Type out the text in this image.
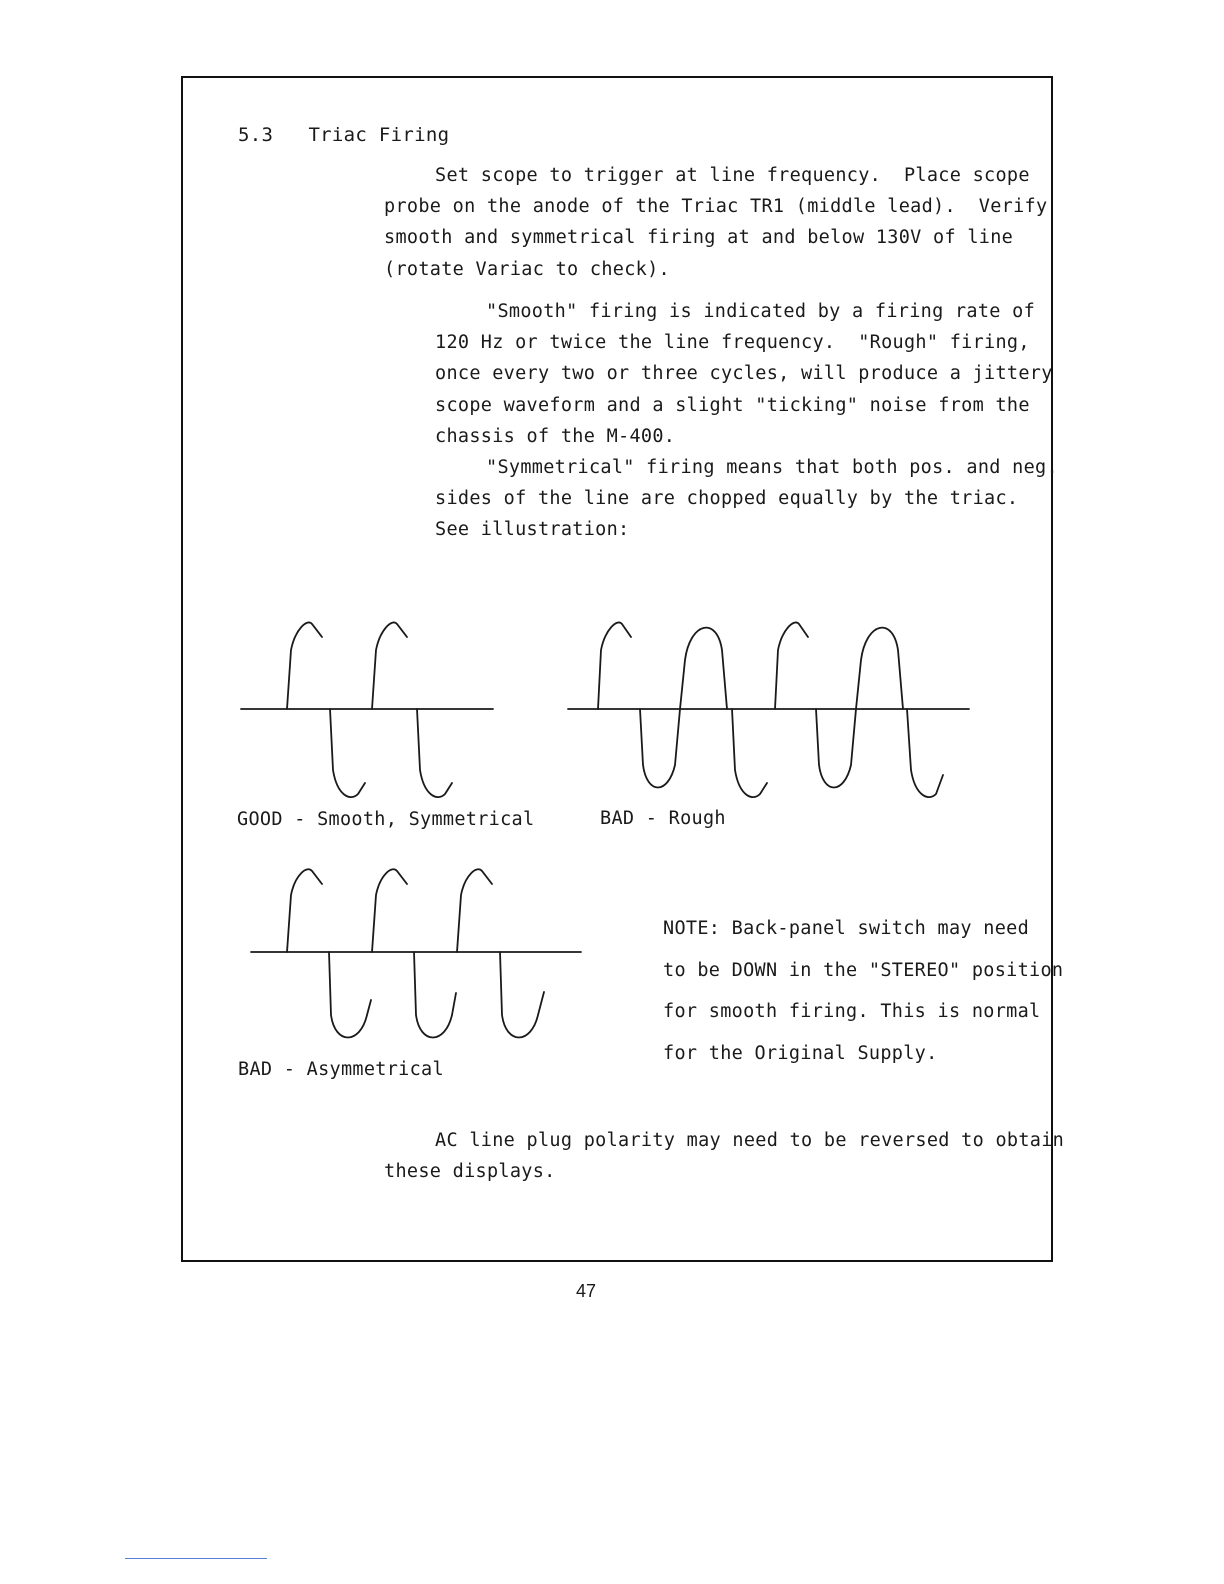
5.3 Triac Firing
Set scope to trigger at line frequency.  Place scope
probe on the anode of the Triac TR1 (middle lead).  Verify
smooth and symmetrical firing at and below 130V of line
(rotate Variac to check).
"Smooth" firing is indicated by a firing rate of
120 Hz or twice the line frequency.  "Rough" firing,
once every two or three cycles, will produce a jittery
scope waveform and a slight "ticking" noise from the
chassis of the M-400.
"Symmetrical" firing means that both pos. and neg.
sides of the line are chopped equally by the triac.
See illustration:
GOOD - Smooth, Symmetrical	BAD - Rough
BAD - Asymmetrical
NOTE: Back-panel switch may need
to be DOWN in the "STEREO" position
for smooth firing. This is normal
for the Original Supply.
AC line plug polarity may need to be reversed to obtain
these displays.
47
